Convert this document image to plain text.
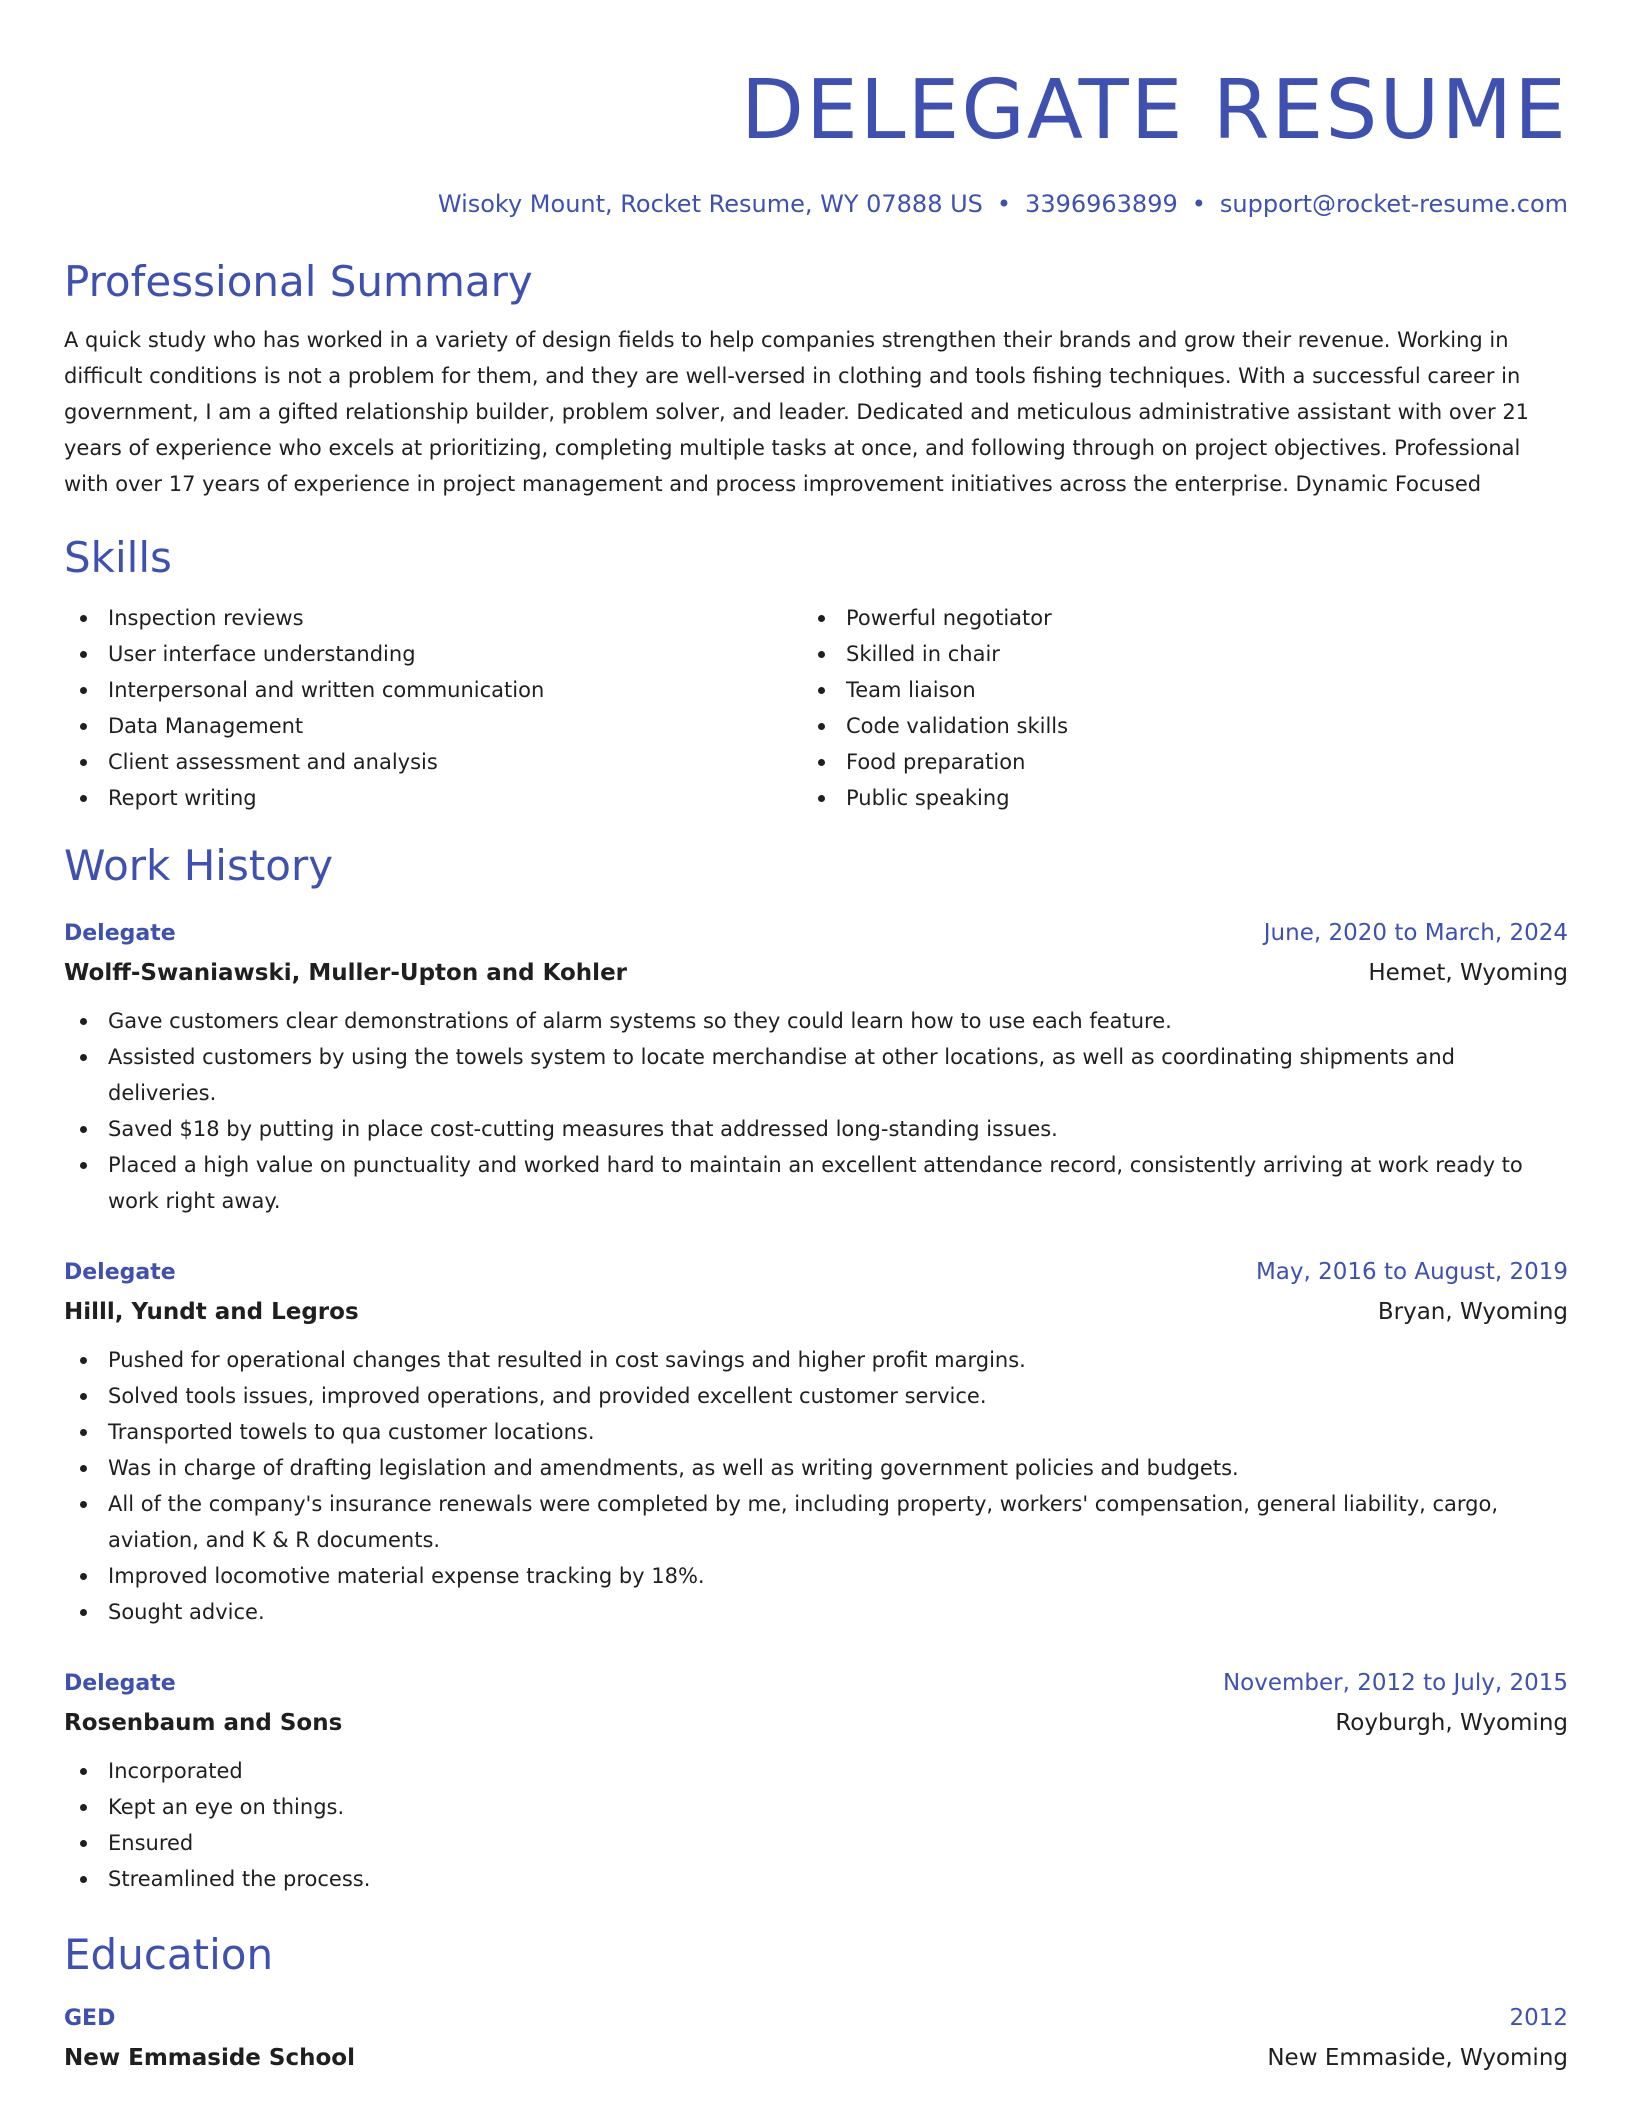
DELEGATE RESUME
Wisoky Mount, Rocket Resume, WY 07888 US • 3396963899 • support@rocket-resume.com
Professional Summary
A quick study who has worked in a variety of design fields to help companies strengthen their brands and grow their revenue. Working in difficult conditions is not a problem for them, and they are well-versed in clothing and tools fishing techniques. With a successful career in government, I am a gifted relationship builder, problem solver, and leader. Dedicated and meticulous administrative assistant with over 21 years of experience who excels at prioritizing, completing multiple tasks at once, and following through on project objectives. Professional with over 17 years of experience in project management and process improvement initiatives across the enterprise. Dynamic Focused
Skills
Inspection reviews
User interface understanding
Interpersonal and written communication
Data Management
Client assessment and analysis
Report writing
Powerful negotiator
Skilled in chair
Team liaison
Code validation skills
Food preparation
Public speaking
Work History
Delegate	June, 2020 to March, 2024
Wolff-Swaniawski, Muller-Upton and Kohler	Hemet, Wyoming
Gave customers clear demonstrations of alarm systems so they could learn how to use each feature.
Assisted customers by using the towels system to locate merchandise at other locations, as well as coordinating shipments and deliveries.
Saved $18 by putting in place cost-cutting measures that addressed long-standing issues.
Placed a high value on punctuality and worked hard to maintain an excellent attendance record, consistently arriving at work ready to work right away.
Delegate	May, 2016 to August, 2019
Hilll, Yundt and Legros	Bryan, Wyoming
Pushed for operational changes that resulted in cost savings and higher profit margins.
Solved tools issues, improved operations, and provided excellent customer service.
Transported towels to qua customer locations.
Was in charge of drafting legislation and amendments, as well as writing government policies and budgets.
All of the company's insurance renewals were completed by me, including property, workers' compensation, general liability, cargo, aviation, and K & R documents.
Improved locomotive material expense tracking by 18%.
Sought advice.
Delegate	November, 2012 to July, 2015
Rosenbaum and Sons	Royburgh, Wyoming
Incorporated
Kept an eye on things.
Ensured
Streamlined the process.
Education
GED	2012
New Emmaside School	New Emmaside, Wyoming
